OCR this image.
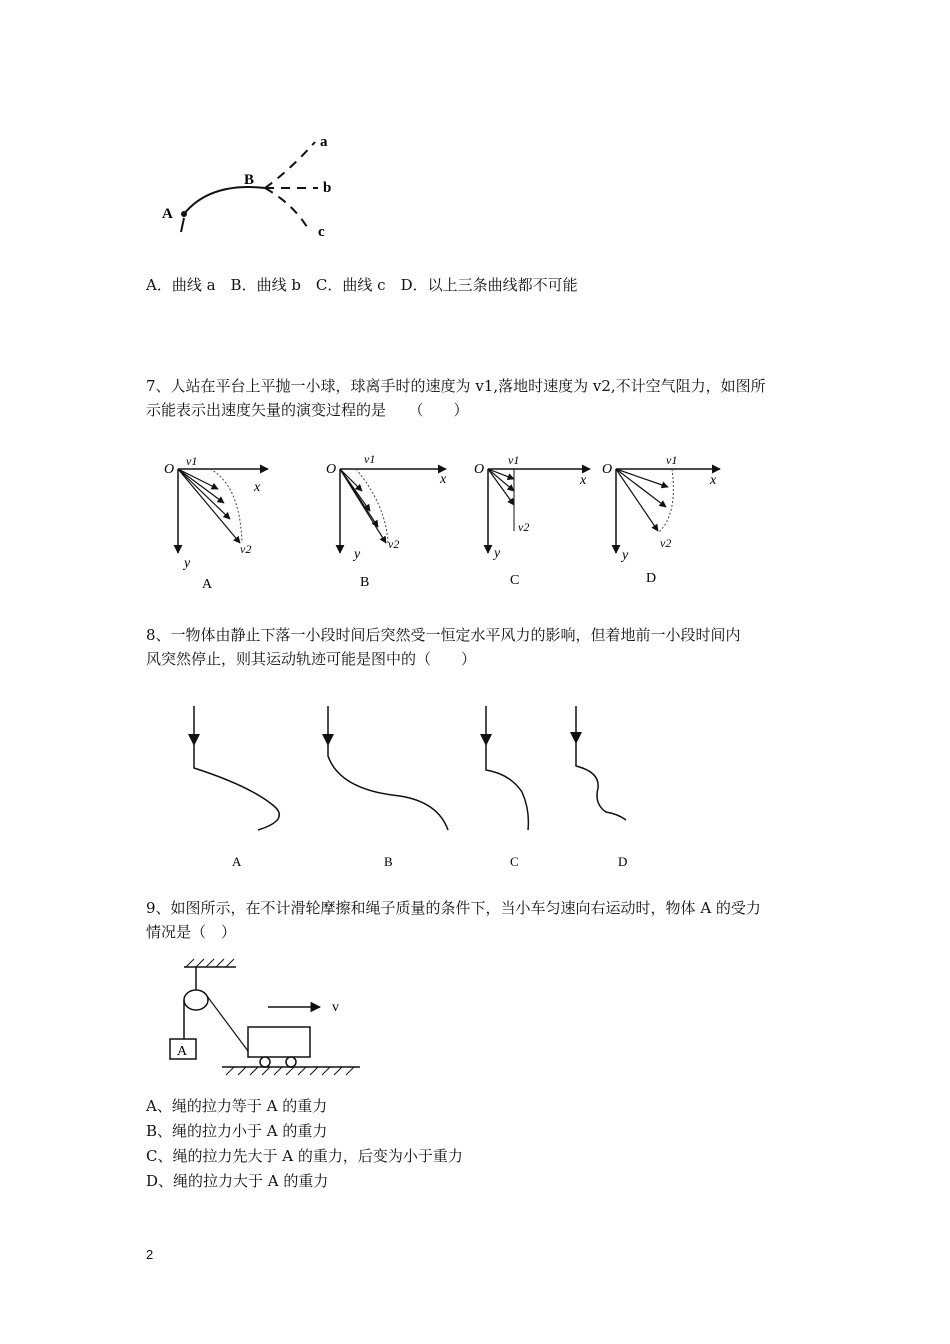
A
B
a
b
c
A．曲线 a　B．曲线 b　C．曲线 c　D．以上三条曲线都不可能
7、人站在平台上平抛一小球，球离手时的速度为 v1,落地时速度为 v2,不计空气阻力，如图所
示能表示出速度矢量的演变过程的是　　（　　）
O
v1
x
y
v2
A
O
v1
x
y
v2
B
O
v1
x
y
v2
C
O
v1
x
y
v2
D
8、一物体由静止下落一小段时间后突然受一恒定水平风力的影响，但着地前一小段时间内
风突然停止，则其运动轨迹可能是图中的（　　）
A	B	C	D
9、如图所示，在不计滑轮摩擦和绳子质量的条件下，当小车匀速向右运动时，物体 A 的受力
情况是（　）
A
v
A、绳的拉力等于 A 的重力
B、绳的拉力小于 A 的重力
C、绳的拉力先大于 A 的重力，后变为小于重力
D、绳的拉力大于 A 的重力
2
